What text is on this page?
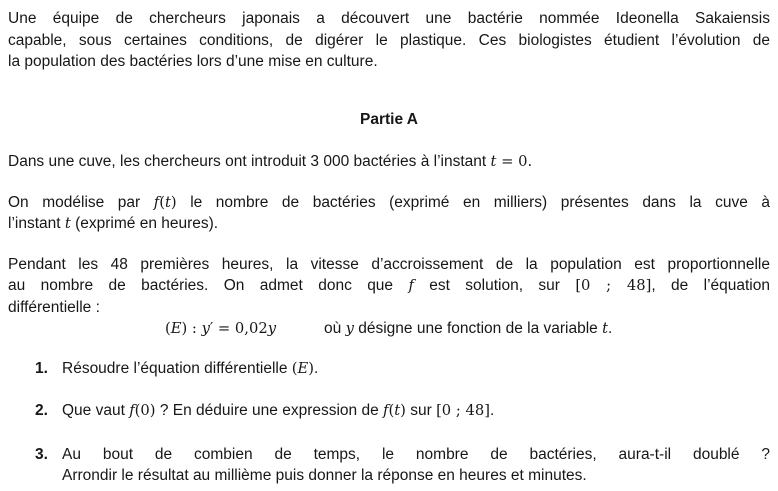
Une équipe de chercheurs japonais a découvert une bactérie nommée Ideonella Sakaiensis
capable, sous certaines conditions, de digérer le plastique. Ces biologistes étudient l’évolution de
la population des bactéries lors d’une mise en culture.
Partie A
Dans une cuve, les chercheurs ont introduit 3 000 bactéries à l’instant t = 0.
On modélise par f(t) le nombre de bactéries (exprimé en milliers) présentes dans la cuve à
l’instant t (exprimé en heures).
Pendant les 48 premières heures, la vitesse d’accroissement de la population est proportionnelle
au nombre de bactéries. On admet donc que f est solution, sur [0 ; 48], de l’équation
différentielle :
(E) : y′ = 0,02y	où y désigne une fonction de la variable t.
1. Résoudre l’équation différentielle (E).
2. Que vaut f(0) ? En déduire une expression de f(t) sur [0 ; 48].
3. Au bout de combien de temps, le nombre de bactéries, aura-t-il doublé ?
Arrondir le résultat au millième puis donner la réponse en heures et minutes.
